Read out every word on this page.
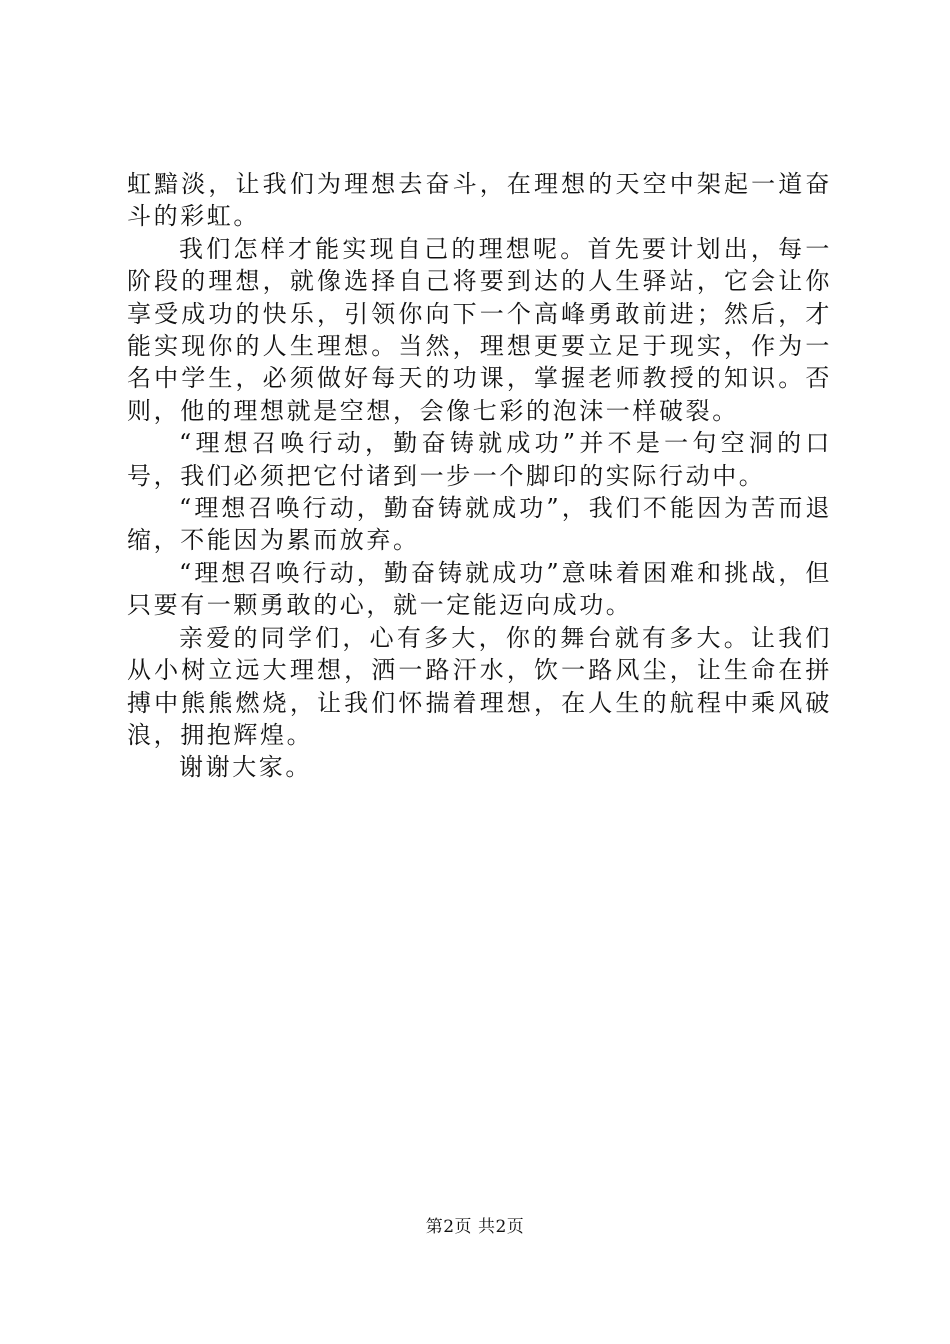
虹黯淡，让我们为理想去奋斗，在理想的天空中架起一道奋斗的彩虹。

我们怎样才能实现自己的理想呢。首先要计划出，每一阶段的理想，就像选择自己将要到达的人生驿站，它会让你享受成功的快乐，引领你向下一个高峰勇敢前进；然后，才能实现你的人生理想。当然，理想更要立足于现实，作为一名中学生，必须做好每天的功课，掌握老师教授的知识。否则，他的理想就是空想，会像七彩的泡沫一样破裂。

“理想召唤行动，勤奋铸就成功”并不是一句空洞的口号，我们必须把它付诸到一步一个脚印的实际行动中。

“理想召唤行动，勤奋铸就成功”，我们不能因为苦而退缩，不能因为累而放弃。

“理想召唤行动，勤奋铸就成功”意味着困难和挑战，但只要有一颗勇敢的心，就一定能迈向成功。

亲爱的同学们，心有多大，你的舞台就有多大。让我们从小树立远大理想，洒一路汗水，饮一路风尘，让生命在拼搏中熊熊燃烧，让我们怀揣着理想，在人生的航程中乘风破浪，拥抱辉煌。

谢谢大家。

第2页 共2页
